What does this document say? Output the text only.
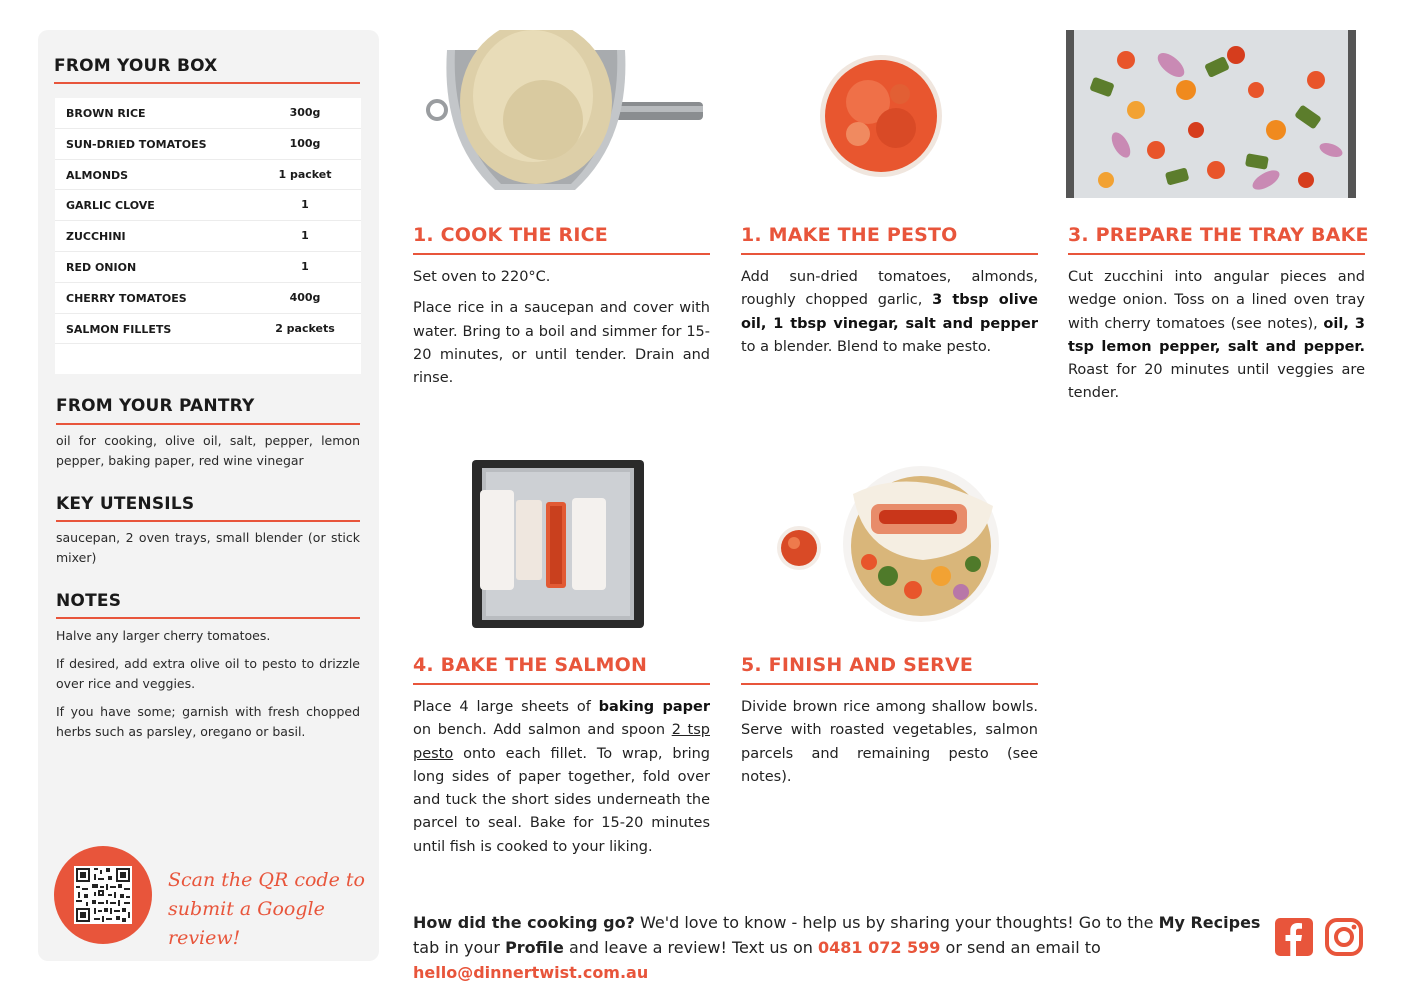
FROM YOUR BOX
BROWN RICE	300g
SUN-DRIED TOMATOES	100g
ALMONDS	1 packet
GARLIC CLOVE	1
ZUCCHINI	1
RED ONION	1
CHERRY TOMATOES	400g
SALMON FILLETS	2 packets
FROM YOUR PANTRY
oil for cooking, olive oil, salt, pepper, lemon pepper, baking paper, red wine vinegar
KEY UTENSILS
saucepan, 2 oven trays, small blender (or stick mixer)
NOTES

Halve any larger cherry tomatoes.

If desired, add extra olive oil to pesto to drizzle over rice and veggies.

If you have some; garnish with fresh chopped herbs such as parsley, oregano or basil.

Scan the QR code to
submit a Google review!
1. COOK THE RICE

Set oven to 220°C.

Place rice in a saucepan and cover with water. Bring to a boil and simmer for 15-20 minutes, or until tender. Drain and rinse.

1. MAKE THE PESTO

Add sun-dried tomatoes, almonds, roughly chopped garlic, 3 tbsp olive oil, 1 tbsp vinegar, salt and pepper to a blender. Blend to make pesto.

3. PREPARE THE TRAY BAKE

Cut zucchini into angular pieces and wedge onion. Toss on a lined oven tray with cherry tomatoes (see notes), oil, 3 tsp lemon pepper, salt and pepper. Roast for 20 minutes until veggies are tender.

4. BAKE THE SALMON

Place 4 large sheets of baking paper on bench. Add salmon and spoon 2 tsp pesto onto each fillet. To wrap, bring long sides of paper together, fold over and tuck the short sides underneath the parcel to seal. Bake for 15-20 minutes until fish is cooked to your liking.

5. FINISH AND SERVE

Divide brown rice among shallow bowls. Serve with roasted vegetables, salmon parcels and remaining pesto (see notes).

How did the cooking go? We'd love to know - help us by sharing your thoughts! Go to the My Recipes tab in your Profile and leave a review! Text us on 0481 072 599 or send an email to hello@dinnertwist.com.au
